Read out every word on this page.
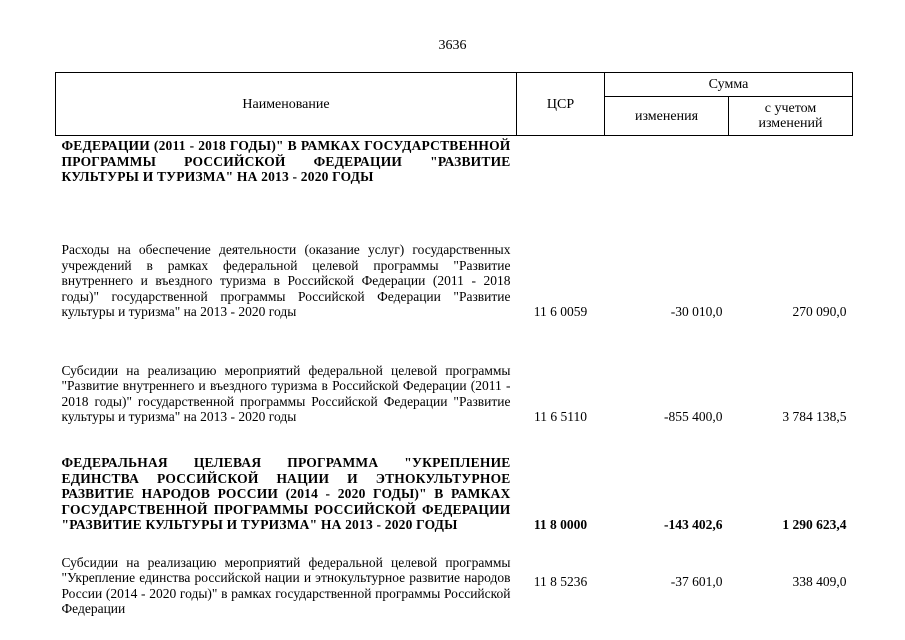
3636
Наименование	ЦСР	Сумма	
		изменения	с учетом изменений
ФЕДЕРАЦИИ (2011 - 2018 ГОДЫ)" В РАМКАХ ГОСУДАРСТВЕННОЙ ПРОГРАММЫ РОССИЙСКОЙ ФЕДЕРАЦИИ "РАЗВИТИЕ КУЛЬТУРЫ И ТУРИЗМА" НА 2013 - 2020 ГОДЫ			
Расходы на обеспечение деятельности (оказание услуг) государственных учреждений в рамках федеральной целевой программы "Развитие внутреннего и въездного туризма в Российской Федерации (2011 - 2018 годы)" государственной программы Российской Федерации "Развитие культуры и туризма" на 2013 - 2020 годы	11 6 0059	-30 010,0	270 090,0
Субсидии на реализацию мероприятий федеральной целевой программы "Развитие внутреннего и въездного туризма в Российской Федерации (2011 - 2018 годы)" государственной программы Российской Федерации "Развитие культуры и туризма" на 2013 - 2020 годы	11 6 5110	-855 400,0	3 784 138,5
ФЕДЕРАЛЬНАЯ ЦЕЛЕВАЯ ПРОГРАММА "УКРЕПЛЕНИЕ ЕДИНСТВА РОССИЙСКОЙ НАЦИИ И ЭТНОКУЛЬТУРНОЕ РАЗВИТИЕ НАРОДОВ РОССИИ (2014 - 2020 ГОДЫ)" В РАМКАХ ГОСУДАРСТВЕННОЙ ПРОГРАММЫ РОССИЙСКОЙ ФЕДЕРАЦИИ "РАЗВИТИЕ КУЛЬТУРЫ И ТУРИЗМА" НА 2013 - 2020 ГОДЫ	11 8 0000	-143 402,6	1 290 623,4
Субсидии на реализацию мероприятий федеральной целевой программы "Укрепление единства российской нации и этнокультурное развитие народов России (2014 - 2020 годы)" в рамках государственной программы Российской Федерации	11 8 5236	-37 601,0	338 409,0
